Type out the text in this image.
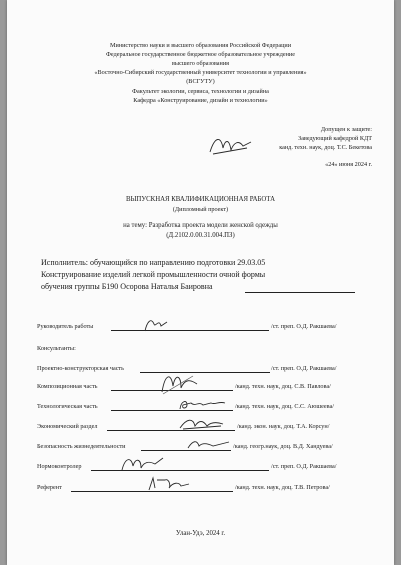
Министерство науки и высшего образования Российской Федерации
Федеральное государственное бюджетное образовательное учреждение
высшего образования
«Восточно-Сибирский государственный университет технологии и управления»
(ВСГУТУ)
Факультет экологии, сервиса, технологии и дизайна
Кафедра «Конструирование, дизайн и технологии»
Допущен к защите:
Заведующий кафедрой КДТ
канд. техн. наук, доц. Т.С. Бекетова
«24» июня 2024 г.
ВЫПУСКНАЯ КВАЛИФИКАЦИОННАЯ РАБОТА
(Дипломный проект)
на тему: Разработка проекта модели женской одежды
(Д.2102.0.00.31.004.ПЗ)
Исполнитель: обучающийся по направлению подготовки 29.03.05
Конструирование изделий легкой промышленности очной формы
обучения группы Б190 Осорова Наталья Баировна
Руководитель работы	/ст. преп. О.Д. Ракшаева/
Консультанты:
Проектно-конструкторская часть	/ст. преп. О.Д. Ракшаева/
Композиционная часть	/канд. техн. наук, доц. С.В. Павлова/
Технологическая часть	/канд. техн. наук, доц. С.С. Аюшеева/
Экономический раздел	/канд. экон. наук, доц. Т.А. Корсун/
Безопасность жизнедеятельности	/канд. геогр.наук, доц. В.Д. Хандуева/
Нормоконтролер	/ст. преп. О.Д. Ракшаева/
Референт	/канд. техн. наук, доц. Т.В. Петрова/
Улан-Удэ, 2024 г.
